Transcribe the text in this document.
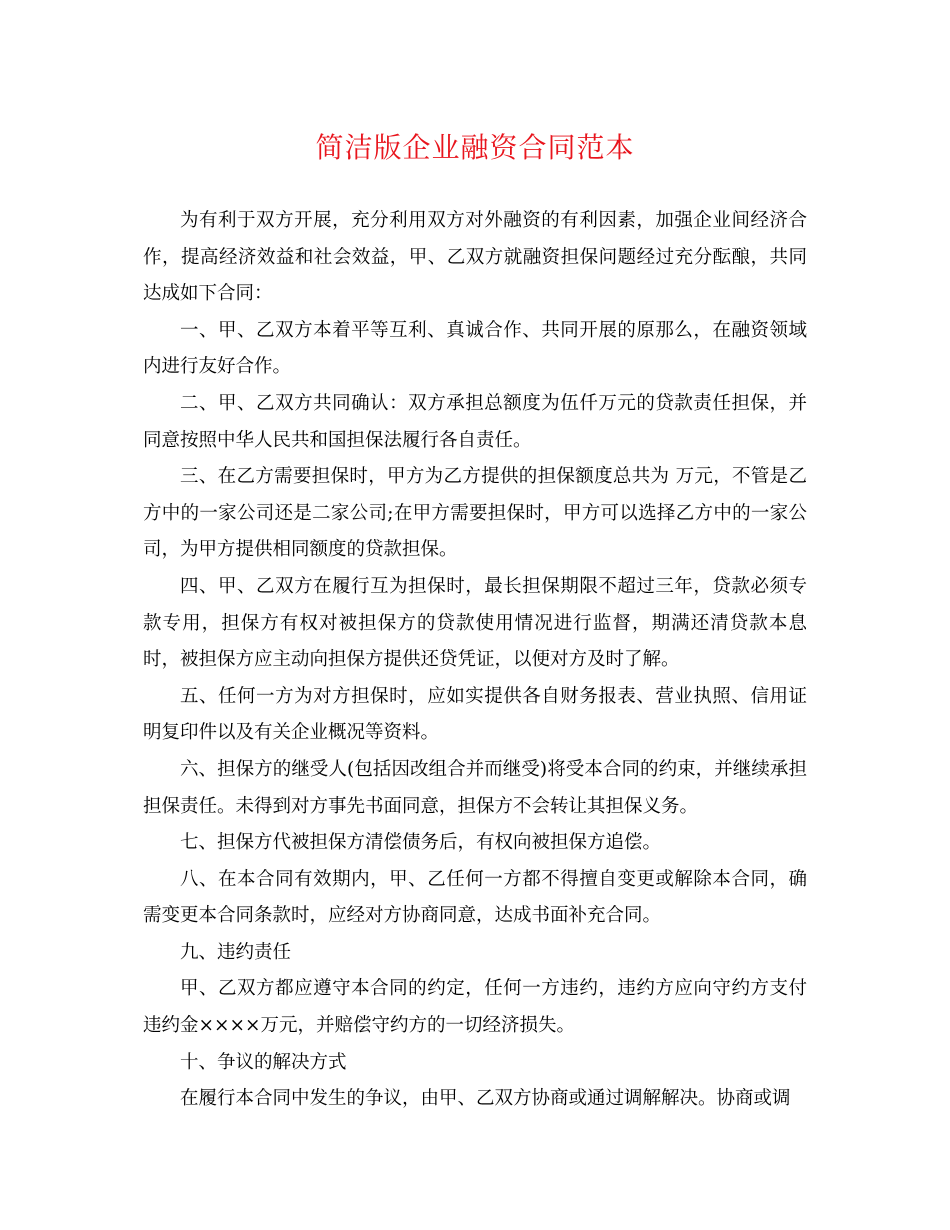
简洁版企业融资合同范本

为有利于双方开展，充分利用双方对外融资的有利因素，加强企业间经济合作，提高经济效益和社会效益，甲、乙双方就融资担保问题经过充分酝酿，共同达成如下合同：

一、甲、乙双方本着平等互利、真诚合作、共同开展的原那么，在融资领域内进行友好合作。

二、甲、乙双方共同确认：双方承担总额度为伍仟万元的贷款责任担保，并同意按照中华人民共和国担保法履行各自责任。

三、在乙方需要担保时，甲方为乙方提供的担保额度总共为 万元，不管是乙方中的一家公司还是二家公司;在甲方需要担保时，甲方可以选择乙方中的一家公司，为甲方提供相同额度的贷款担保。

四、甲、乙双方在履行互为担保时，最长担保期限不超过三年，贷款必须专款专用，担保方有权对被担保方的贷款使用情况进行监督，期满还清贷款本息时，被担保方应主动向担保方提供还贷凭证，以便对方及时了解。

五、任何一方为对方担保时，应如实提供各自财务报表、营业执照、信用证明复印件以及有关企业概况等资料。

六、担保方的继受人(包括因改组合并而继受)将受本合同的约束，并继续承担担保责任。未得到对方事先书面同意，担保方不会转让其担保义务。

七、担保方代被担保方清偿债务后，有权向被担保方追偿。

八、在本合同有效期内，甲、乙任何一方都不得擅自变更或解除本合同，确需变更本合同条款时，应经对方协商同意，达成书面补充合同。

九、违约责任

甲、乙双方都应遵守本合同的约定，任何一方违约，违约方应向守约方支付违约金××××万元，并赔偿守约方的一切经济损失。

十、争议的解决方式

在履行本合同中发生的争议，由甲、乙双方协商或通过调解解决。协商或调
